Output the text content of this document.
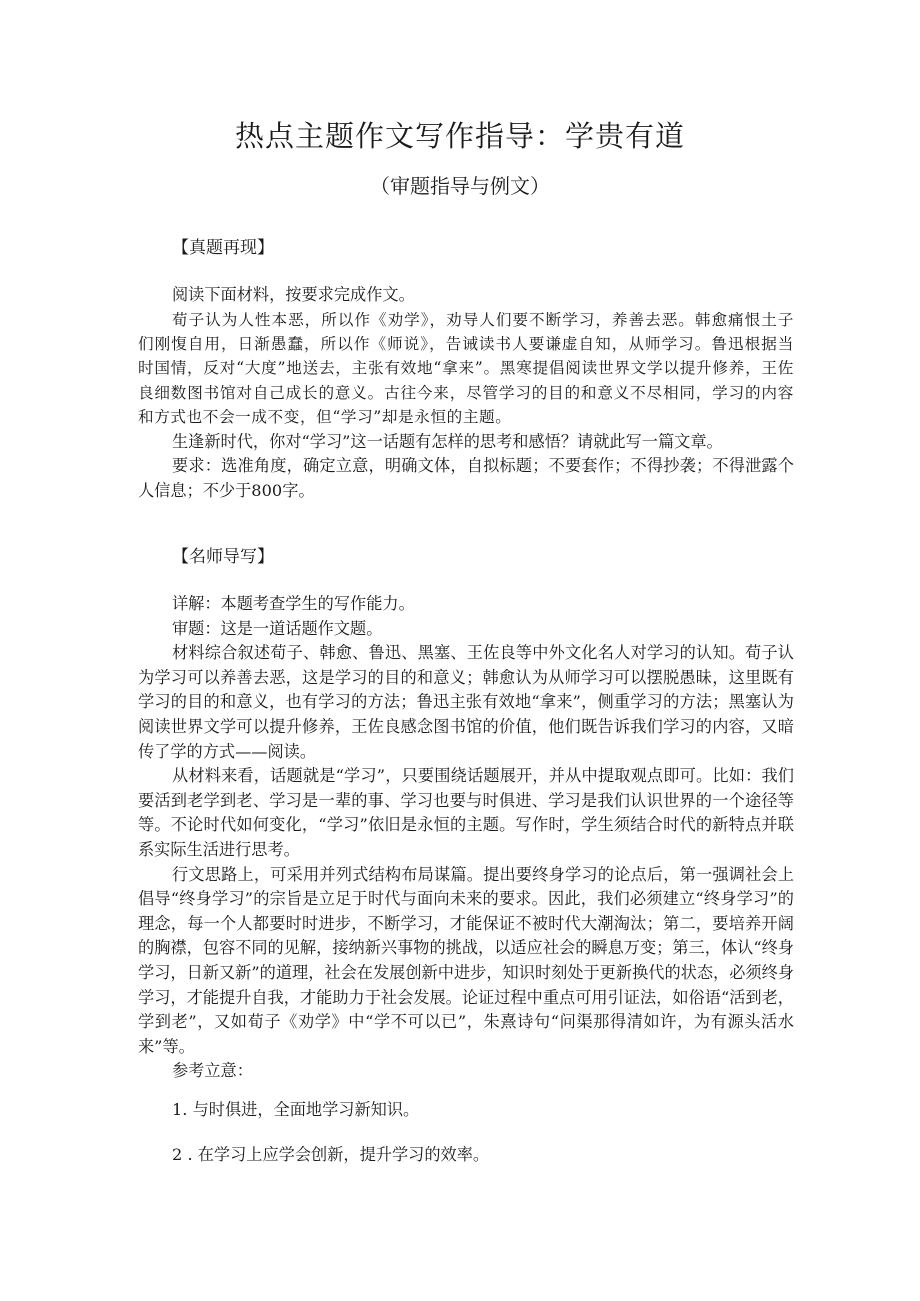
热点主题作文写作指导：学贵有道
（审题指导与例文）
【真题再现】

阅读下面材料，按要求完成作文。

荀子认为人性本恶，所以作《劝学》，劝导人们要不断学习，养善去恶。韩愈痛恨土子们刚愎自用，日渐愚蠢，所以作《师说》，告诫读书人要谦虚自知，从师学习。鲁迅根据当时国情，反对“大度”地送去，主张有效地“拿来”。黑寒提倡阅读世界文学以提升修养，王佐良细数图书馆对自己成长的意义。古往今来，尽管学习的目的和意义不尽相同，学习的内容和方式也不会一成不变，但“学习”却是永恒的主题。

生逢新时代，你对“学习”这一话题有怎样的思考和感悟？请就此写一篇文章。

要求：选准角度，确定立意，明确文体，自拟标题；不要套作；不得抄袭；不得泄露个人信息；不少于800字。

【名师导写】

详解：本题考查学生的写作能力。

审题：这是一道话题作文题。

材料综合叙述荀子、韩愈、鲁迅、黑塞、王佐良等中外文化名人对学习的认知。荀子认为学习可以养善去恶，这是学习的目的和意义；韩愈认为从师学习可以摆脱愚昧，这里既有学习的目的和意义，也有学习的方法；鲁迅主张有效地“拿来”，侧重学习的方法；黑塞认为阅读世界文学可以提升修养，王佐良感念图书馆的价值，他们既告诉我们学习的内容，又暗传了学的方式——阅读。

从材料来看，话题就是“学习”，只要围绕话题展开，并从中提取观点即可。比如：我们要活到老学到老、学习是一辈的事、学习也要与时俱进、学习是我们认识世界的一个途径等等。不论时代如何变化，“学习”依旧是永恒的主题。写作时，学生须结合时代的新特点并联系实际生活进行思考。

行文思路上，可采用并列式结构布局谋篇。提出要终身学习的论点后，第一强调社会上倡导“终身学习”的宗旨是立足于时代与面向未来的要求。因此，我们必须建立“终身学习”的理念，每一个人都要时时进步，不断学习，才能保证不被时代大潮淘汰；第二，要培养开阔的胸襟，包容不同的见解，接纳新兴事物的挑战，以适应社会的瞬息万变；第三，体认“终身学习，日新又新”的道理，社会在发展创新中进步，知识时刻处于更新换代的状态，必须终身学习，才能提升自我，才能助力于社会发展。论证过程中重点可用引证法，如俗语“活到老，学到老”，又如荀子《劝学》中“学不可以已”，朱熹诗句“问渠那得清如许，为有源头活水来”等。

参考立意：

1. 与时俱进，全面地学习新知识。
2 . 在学习上应学会创新，提升学习的效率。
